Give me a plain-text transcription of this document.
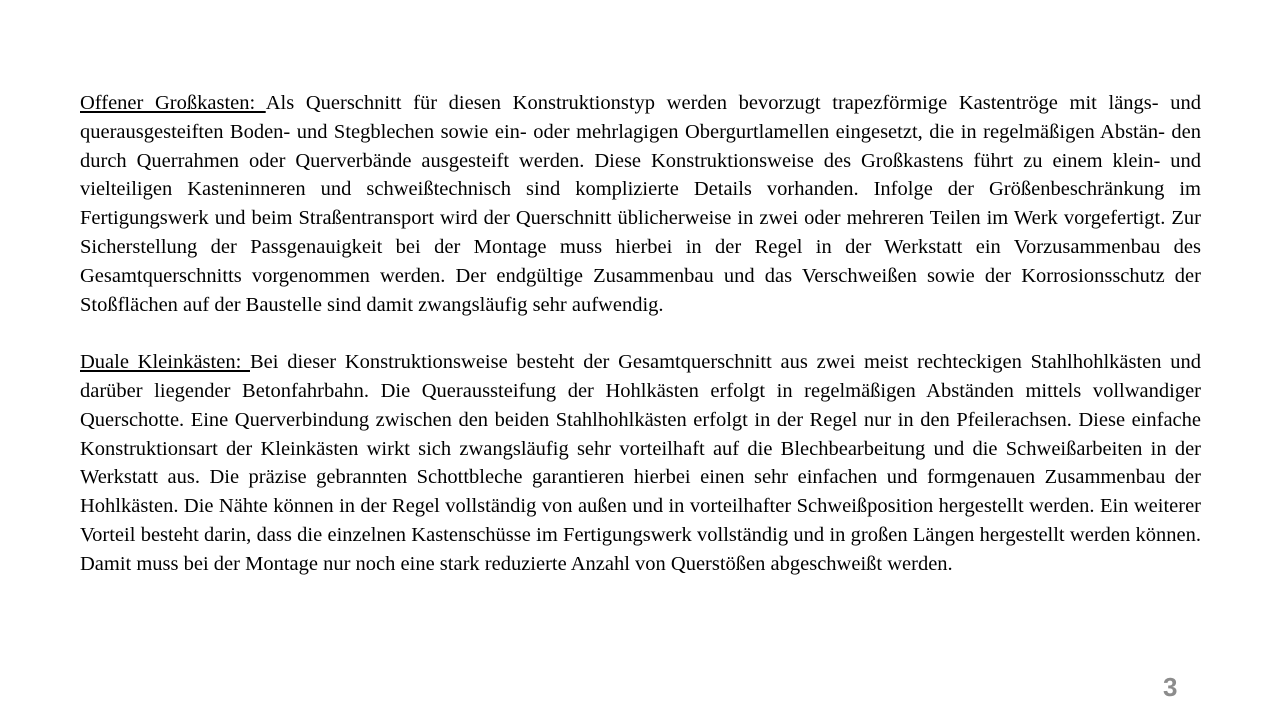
Offener Großkasten: Als Querschnitt für diesen Konstruktionstyp werden bevorzugt trapezförmige Kastentröge mit längs- und querausgesteiften Boden- und Stegblechen sowie ein- oder mehrlagigen Obergurtlamellen eingesetzt, die in regelmäßigen Abstän- den durch Querrahmen oder Querverbände ausgesteift werden. Diese Konstruktionsweise des Großkastens führt zu einem klein- und vielteiligen Kasteninneren und schweißtechnisch sind komplizierte Details vorhanden. Infolge der Größenbeschränkung im Fertigungswerk und beim Straßentransport wird der Querschnitt üblicherweise in zwei oder mehreren Teilen im Werk vorgefertigt. Zur Sicherstellung der Passgenauigkeit bei der Montage muss hierbei in der Regel in der Werkstatt ein Vorzusammenbau des Gesamtquerschnitts vorgenommen werden. Der endgültige Zusammenbau und das Verschweißen sowie der Korrosionsschutz der Stoßflächen auf der Baustelle sind damit zwangsläufig sehr aufwendig.

Duale Kleinkästen: Bei dieser Konstruktionsweise besteht der Gesamtquerschnitt aus zwei meist rechteckigen Stahlhohlkästen und darüber liegender Betonfahrbahn. Die Queraussteifung der Hohlkästen erfolgt in regelmäßigen Abständen mittels vollwandiger Querschotte. Eine Querverbindung zwischen den beiden Stahlhohlkästen erfolgt in der Regel nur in den Pfeilerachsen. Diese einfache Konstruktionsart der Kleinkästen wirkt sich zwangsläufig sehr vorteilhaft auf die Blechbearbeitung und die Schweißarbeiten in der Werkstatt aus. Die präzise gebrannten Schottbleche garantieren hierbei einen sehr einfachen und formgenauen Zusammenbau der Hohlkästen. Die Nähte können in der Regel vollständig von außen und in vorteilhafter Schweißposition hergestellt werden. Ein weiterer Vorteil besteht darin, dass die einzelnen Kastenschüsse im Fertigungswerk vollständig und in großen Längen hergestellt werden können. Damit muss bei der Montage nur noch eine stark reduzierte Anzahl von Querstößen abgeschweißt werden.

3
